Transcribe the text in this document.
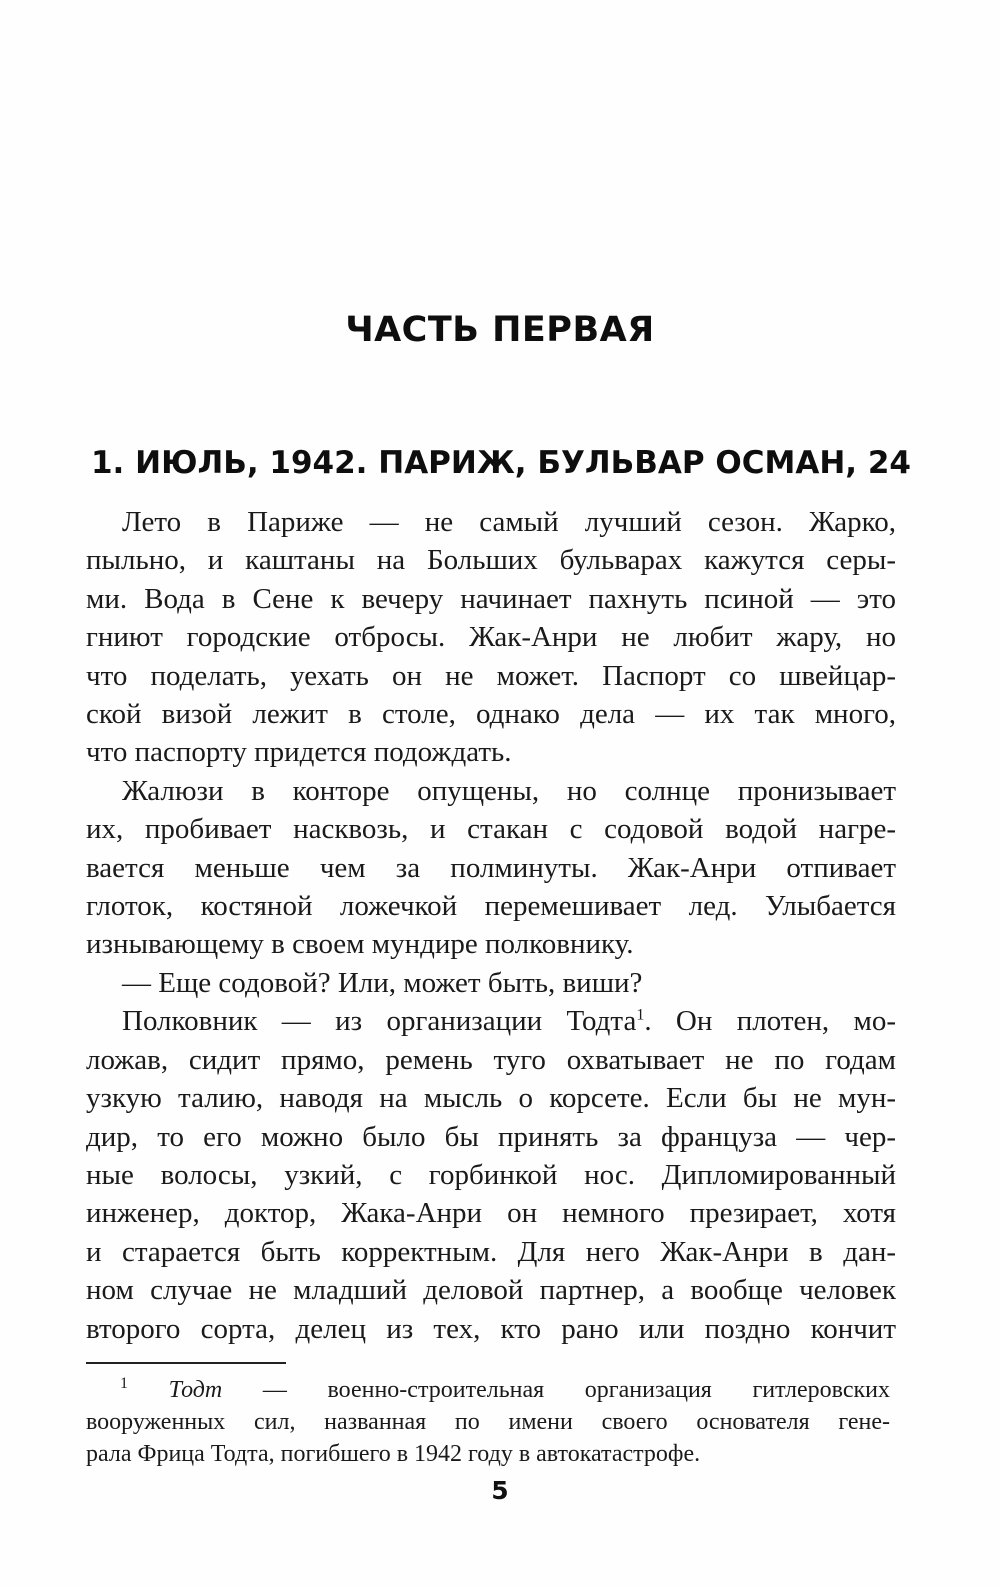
ЧАСТЬ ПЕРВАЯ
1. ИЮЛЬ, 1942. ПАРИЖ, БУЛЬВАР ОСМАН, 24
Лето в Париже — не самый лучший сезон. Жарко,
пыльно, и каштаны на Больших бульварах кажутся серы-
ми. Вода в Сене к вечеру начинает пахнуть псиной — это
гниют городские отбросы. Жак-Анри не любит жару, но
что поделать, уехать он не может. Паспорт со швейцар-
ской визой лежит в столе, однако дела — их так много,
что паспорту придется подождать.
Жалюзи в конторе опущены, но солнце пронизывает
их, пробивает насквозь, и стакан с содовой водой нагре-
вается меньше чем за полминуты. Жак-Анри отпивает
глоток, костяной ложечкой перемешивает лед. Улыбается
изнывающему в своем мундире полковнику.
— Еще содовой? Или, может быть, виши?
Полковник — из организации Тодта$^1$. Он плотен, мо-
ложав, сидит прямо, ремень туго охватывает не по годам
узкую талию, наводя на мысль о корсете. Если бы не мун-
дир, то его можно было бы принять за француза — чер-
ные волосы, узкий, с горбинкой нос. Дипломированный
инженер, доктор, Жака-Анри он немного презирает, хотя
и старается быть корректным. Для него Жак-Анри в дан-
ном случае не младший деловой партнер, а вообще человек
второго сорта, делец из тех, кто рано или поздно кончит
$^1$ Тодт — военно-строительная организация гитлеровских
вооруженных сил, названная по имени своего основателя гене-
рала Фрица Тодта, погибшего в 1942 году в автокатастрофе.
5
